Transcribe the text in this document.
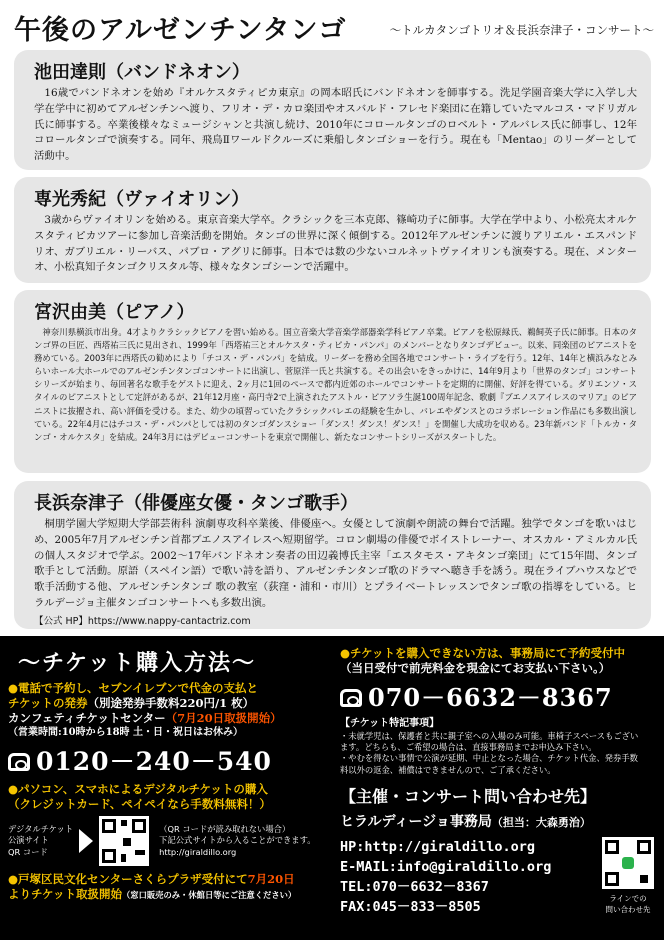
午後のアルゼンチンタンゴ	～トルカタンゴトリオ＆長浜奈津子・コンサート～
池田達則（バンドネオン）

16歳でバンドネオンを始め『オルケスタティピカ東京』の岡本昭氏にバンドネオンを師事する。洗足学園音楽大学に入学し大学在学中に初めてアルゼンチンへ渡り、フリオ・デ・カロ楽団やオスバルド・フレセド楽団に在籍していたマルコス・マドリガル氏に師事する。卒業後様々なミュージシャンと共演し続け、2010年にコロールタンゴのロベルト・アルバレス氏に師事し、12年コロールタンゴで演奏する。同年、飛鳥Ⅱワールドクルーズに乗船しタンゴショーを行う。現在も「Mentao」のリーダーとして活動中。

専光秀紀（ヴァイオリン）

3歳からヴァイオリンを始める。東京音楽大学卒。クラシックを三本克郎、篠崎功子に師事。大学在学中より、小松亮太オルケスタティピカツアーに参加し音楽活動を開始。タンゴの世界に深く傾倒する。2012年アルゼンチンに渡りアリエル・エスパンドリオ、ガブリエル・リーバス、パブロ・アグリに師事。日本では数の少ないコルネットヴァイオリンも演奏する。現在、メンターオ、小松真知子タンゴクリスタル等、様々なタンゴシーンで活躍中。

宮沢由美（ピアノ）

神奈川県横浜市出身。4才よりクラシックピアノを習い始める。国立音楽大学音楽学部器楽学科ピアノ卒業。ピアノを松原緑氏、鵜飼英子氏に師事。日本のタンゴ界の巨匠、西塔祐三氏に見出され、1999年「西塔祐三とオルケスタ・ティピカ・パンパ」のメンバーとなりタンゴデビュー。以来、同楽団のピアニストを務めている。2003年に西塔氏の勧めにより「チコス・デ・パンパ」を結成。リーダーを務め全国各地でコンサート・ライブを行う。12年、14年と横浜みなとみらいホール大ホールでのアルゼンチンタンゴコンサートに出演し、菅原洋一氏と共演する。その出会いをきっかけに、14年9月より「世界のタンゴ」コンサートシリーズが始まり、毎回著名な歌手をゲストに迎え、2ヶ月に1回のペースで都内近郊のホールでコンサートを定期的に開催、好評を得ている。ダリエンソ・スタイルのピアニストとして定評があるが、21年12月座・高円寺2で上演されたアストル・ピアソラ生誕100周年記念、歌劇『ブエノスアイレスのマリア』のピアニストに抜擢され、高い評価を受ける。また、幼少の頃習っていたクラシックバレエの経験を生かし、バレエやダンスとのコラボレーション作品にも多数出演している。22年4月にはチコス・デ・パンパとしては初のタンゴダンスショー「ダンス！ダンス！ダンス！」を開催し大成功を収める。23年新バンド「トルカ・タンゴ・オルケスタ」を結成。24年3月にはデビューコンサートを東京で開催し、新たなコンサートシリーズがスタートした。

長浜奈津子（俳優座女優・タンゴ歌手）

桐朋学園大学短期大学部芸術科 演劇専攻科卒業後、俳優座へ。女優として演劇や朗読の舞台で活躍。独学でタンゴを歌いはじめ、2005年7月アルゼンチン首都ブエノスアイレスへ短期留学。コロン劇場の俳優でボイストレーナー、オスカル・アミルカル氏の個人スタジオで学ぶ。2002～17年バンドネオン奏者の田辺義博氏主宰「エスタモス・アキタンゴ楽団」にて15年間、タンゴ歌手として活動。原語（スペイン語）で歌い詩を語り、アルゼンチンタンゴ歌のドラマへ聴き手を誘う。現在ライブハウスなどで歌手活動する他、アルゼンチンタンゴ 歌の教室（荻窪・浦和・市川）とプライベートレッスンでタンゴ歌の指導をしている。ヒラルデージョ主催タンゴコンサートへも多数出演。

【公式 HP】https://www.nappy-cantactriz.com
～チケット購入方法～
●電話で予約し、セブンイレブンで代金の支払と
チケットの発券（別途発券手数料220円/1 枚）
カンフェティチケットセンター（7月20日取扱開始）
（営業時間:10時から18時 土・日・祝日はお休み）
0120－240－540
●パソコン、スマホによるデジタルチケットの購入
（クレジットカード、ペイペイなら手数料無料！）
デジタルチケット
公演サイト
QR コード
（QR コードが読み取れない場合）
下記公式サイトから入ることができます。
http://giraldillo.org
●戸塚区民文化センターさくらプラザ受付にて7月20日
よりチケット取扱開始（窓口販売のみ・休館日等にご注意ください）
●チケットを購入できない方は、事務局にて予約受付中
（当日受付で前売料金を現金にてお支払い下さい。）
070－6632－8367
【チケット特記事項】
・未就学児は、保護者と共に親子室への入場のみ可能。車椅子スペースもございます。どちらも、ご希望の場合は、直接事務局までお申込み下さい。
・やむを得ない事情で公演が延期、中止となった場合、チケット代金、発券手数料以外の返金、補償はできませんので、ご了承ください。
【主催・コンサート問い合わせ先】
ヒラルディージョ事務局（担当：大森勇治）
HP:http://giraldillo.org
E-MAIL:info@giraldillo.org
TEL:070－6632－8367
FAX:045－833－8505
ラインでの
問い合わせ先
